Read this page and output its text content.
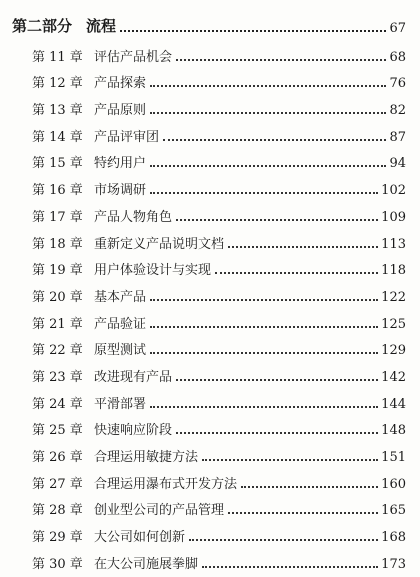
第二部分 流程	67
第 11 章 评估产品机会	68
第 12 章 产品探索	76
第 13 章 产品原则	82
第 14 章 产品评审团	87
第 15 章 特约用户	94
第 16 章 市场调研	102
第 17 章 产品人物角色	109
第 18 章 重新定义产品说明文档	113
第 19 章 用户体验设计与实现	118
第 20 章 基本产品	122
第 21 章 产品验证	125
第 22 章 原型测试	129
第 23 章 改进现有产品	142
第 24 章 平滑部署	144
第 25 章 快速响应阶段	148
第 26 章 合理运用敏捷方法	151
第 27 章 合理运用瀑布式开发方法	160
第 28 章 创业型公司的产品管理	165
第 29 章 大公司如何创新	168
第 30 章 在大公司施展拳脚	173
